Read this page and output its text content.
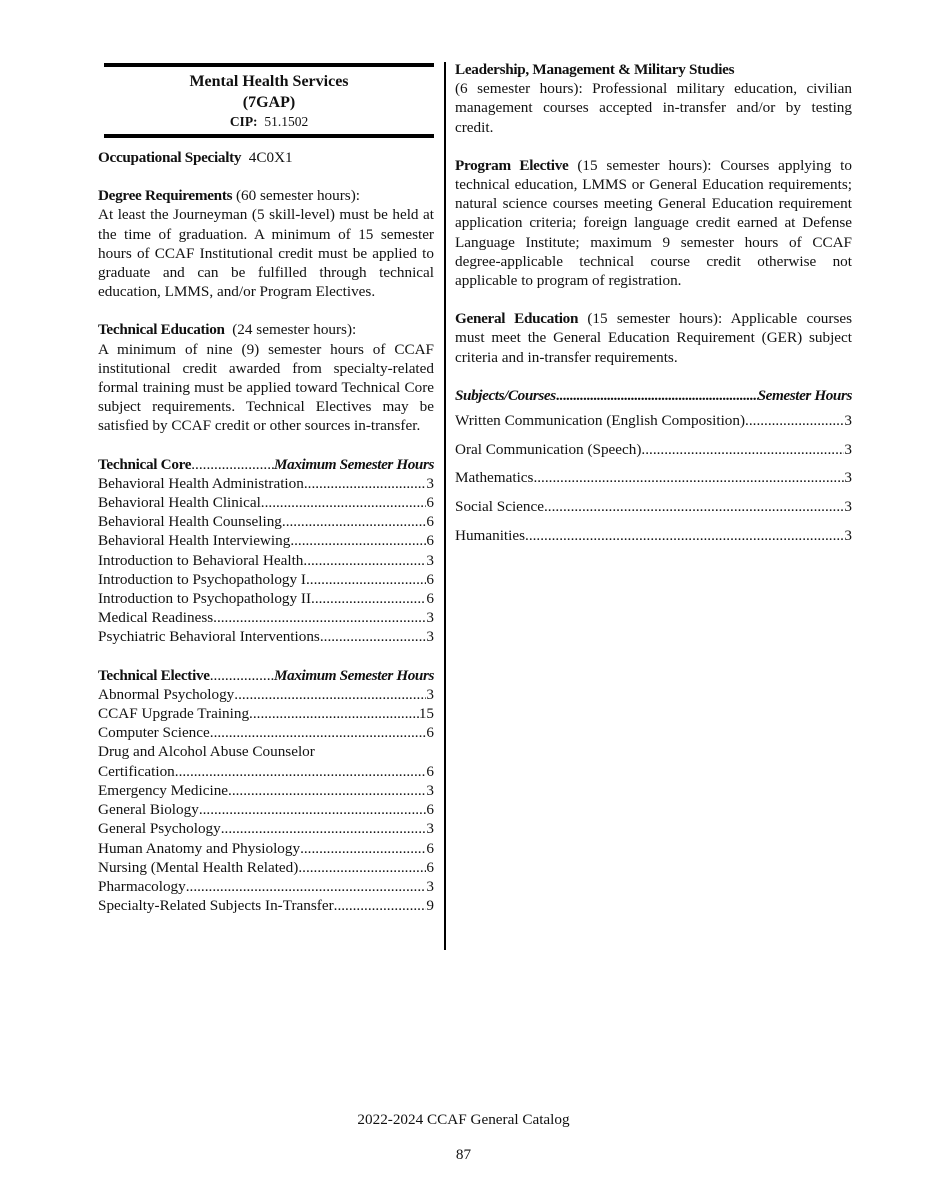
Mental Health Services
(7GAP)
CIP: 51.1502

Occupational Specialty 4C0X1

Degree Requirements (60 semester hours):

At least the Journeyman (5 skill-level) must be held at the time of graduation. A minimum of 15 semester hours of CCAF Institutional credit must be applied to graduate and can be fulfilled through technical education, LMMS, and/or Program Electives.

Technical Education (24 semester hours):

A minimum of nine (9) semester hours of CCAF institutional credit awarded from specialty-related formal training must be applied toward Technical Core subject requirements. Technical Electives may be satisfied by CCAF credit or other sources in-transfer.

Technical Core .....	Maximum Semester Hours
Behavioral Health Administration .....	3
Behavioral Health Clinical .....	6
Behavioral Health Counseling .....	6
Behavioral Health Interviewing .....	6
Introduction to Behavioral Health .....	3
Introduction to Psychopathology I .....	6
Introduction to Psychopathology II .....	6
Medical Readiness .....	3
Psychiatric Behavioral Interventions .....	3
Technical Elective .....	Maximum Semester Hours
Abnormal Psychology .....	3
CCAF Upgrade Training .....	15
Computer Science .....	6
Drug and Alcohol Abuse Counselor
Certification .....	6
Emergency Medicine .....	3
General Biology .....	6
General Psychology .....	3
Human Anatomy and Physiology .....	6
Nursing (Mental Health Related) .....	6
Pharmacology .....	3
Specialty-Related Subjects In-Transfer .....	9

Leadership, Management & Military Studies

(6 semester hours): Professional military education, civilian management courses accepted in-transfer and/or by testing credit.

Program Elective (15 semester hours): Courses applying to technical education, LMMS or General Education requirements; natural science courses meeting General Education requirement application criteria; foreign language credit earned at Defense Language Institute; maximum 9 semester hours of CCAF degree-applicable technical course credit otherwise not applicable to program of registration.

General Education (15 semester hours): Applicable courses must meet the General Education Requirement (GER) subject criteria and in-transfer requirements.

Subjects/Courses .....	Semester Hours
Written Communication (English Composition) .....	3
Oral Communication (Speech) .....	3
Mathematics .....	3
Social Science .....	3
Humanities .....	3
2022-2024 CCAF General Catalog
87
